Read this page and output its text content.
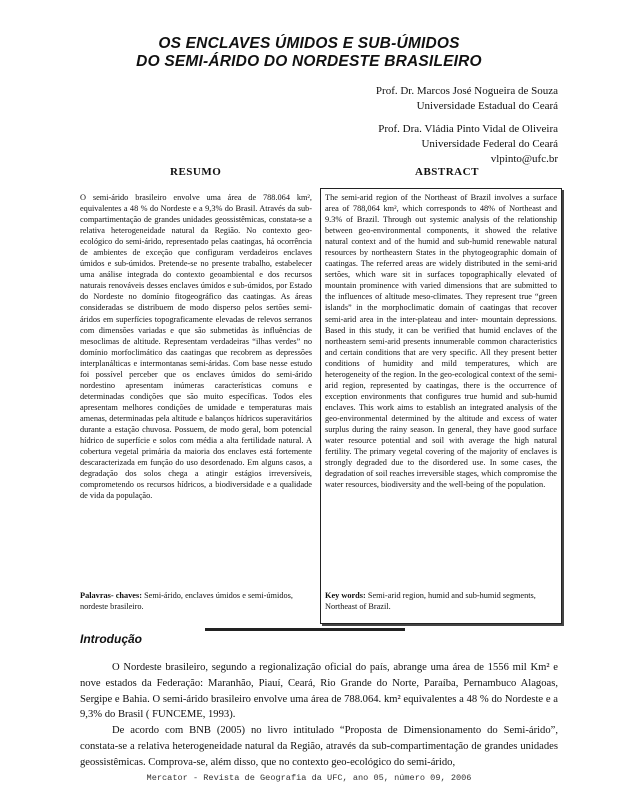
OS ENCLAVES ÚMIDOS E SUB-ÚMIDOS
DO SEMI-ÁRIDO DO NORDESTE BRASILEIRO
Prof. Dr. Marcos José Nogueira de Souza
Universidade Estadual do Ceará
Prof. Dra. Vládia Pinto Vidal de Oliveira
Universidade Federal do Ceará
vlpinto@ufc.br
RESUMO	ABSTRACT

O semi-árido brasileiro envolve uma área de 788.064 km², equivalentes a 48 % do Nordeste e a 9,3% do Brasil. Através da sub-compartimentação de grandes unidades geossistêmicas, constata-se a relativa heterogeneidade natural da Região. No contexto geo-ecológico do semi-árido, representado pelas caatingas, há ocorrência de ambientes de exceção que configuram verdadeiros enclaves úmidos e sub-úmidos. Pretende-se no presente trabalho, estabelecer uma análise integrada do contexto geoambiental e dos recursos naturais renováveis desses enclaves úmidos e sub-úmidos, por Estado do Nordeste no domínio fitogeográfico das caatingas. As áreas consideradas se distribuem de modo disperso pelos sertões semi-áridos em superfícies topograficamente elevadas de relevos serranos com dimensões variadas e que são submetidas às influências de mesoclimas de altitude. Representam verdadeiras “ilhas verdes” no domínio morfoclimático das caatingas que recobrem as depressões interplanálticas e intermontanas semi-áridas. Com base nesse estudo foi possível perceber que os enclaves úmidos do semi-árido nordestino apresentam inúmeras características comuns e determinadas condições que são muito específicas. Todos eles apresentam melhores condições de umidade e temperaturas mais amenas, determinadas pela altitude e balanços hídricos superavitários durante a estação chuvosa. Possuem, de modo geral, bom potencial hídrico de superfície e solos com média a alta fertilidade natural. A cobertura vegetal primária da maioria dos enclaves está fortemente descaracterizada em função do uso desordenado. Em alguns casos, a degradação dos solos chega a atingir estágios irreversíveis, comprometendo os recursos hídricos, a biodiversidade e a qualidade de vida da população.

Palavras- chaves: Semi-árido, enclaves úmidos e semi-úmidos, nordeste brasileiro.

The semi-arid region of the Northeast of Brazil involves a surface area of 788,064 km², which corresponds to 48% of Northeast and 9.3% of Brazil. Through out systemic analysis of the relationship between geo-environmental components, it showed the relative natural context and of the humid and sub-humid renewable natural resources by northeastern States in the phytogeographic domain of caatingas. The referred areas are widely distributed in the semi-arid sertões, which ware sit in surfaces topographically elevated of mountain prominence with varied dimensions that are submitted to the influences of altitude meso-climates. They represent true “green islands” in the morphoclimatic domain of caatingas that recover semi-arid area in the inter-plateau and inter- mountain depressions. Based in this study, it can be verified that humid enclaves of the northeastern semi-arid presents innumerable common characteristics and certain conditions that are very specific. All they present better conditions of humidity and mild temperatures, which are heterogeneity of the region. In the geo-ecological context of the semi-arid region, represented by caatingas, there is the occurrence of exception environments that configures true humid and sub-humid enclaves. This work aims to establish an integrated analysis of the geo-environmental determined by the altitude and excess of water surplus during the rainy season. In general, they have good surface water resource potential and soil with average the high natural fertility. The primary vegetal covering of the majority of enclaves is strongly degraded due to the disordered use. In some cases, the degradation of soil reaches irreversible stages, which compromise the water resources, biodiversity and the well-being of the population.

Key words: Semi-arid region, humid and sub-humid segments, Northeast of Brazil.
Introdução

O Nordeste brasileiro, segundo a regionalização oficial do país, abrange uma área de 1556 mil Km² e nove estados da Federação: Maranhão, Piauí, Ceará, Rio Grande do Norte, Paraíba, Pernambuco Alagoas, Sergipe e Bahia. O semi-árido brasileiro envolve uma área de 788.064. km² equivalentes a 48 % do Nordeste e a 9,3% do Brasil ( FUNCEME, 1993).

De acordo com BNB (2005) no livro intitulado “Proposta de Dimensionamento do Semi-árido”, constata-se a relativa heterogeneidade natural da Região, através da sub-compartimentação de grandes unidades geossistêmicas. Comprova-se, além disso, que no contexto geo-ecológico do semi-árido,

Mercator - Revista de Geografia da UFC, ano 05, número 09, 2006
